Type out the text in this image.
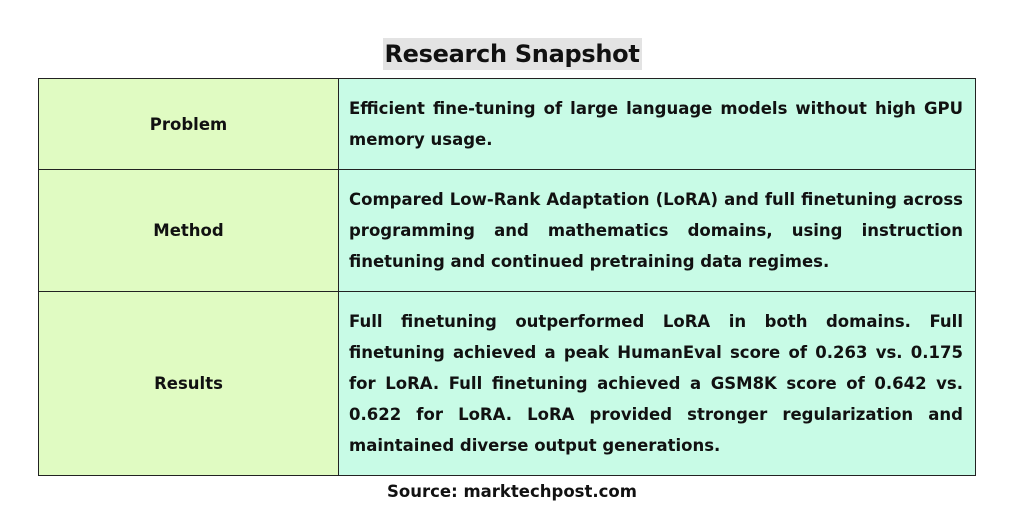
Research Snapshot
Problem	Efficient fine-tuning of large language models without high GPU memory usage.
Method	Compared Low-Rank Adaptation (LoRA) and full finetuning across programming and mathematics domains, using instruction finetuning and continued pretraining data regimes.
Results	Full finetuning outperformed LoRA in both domains. Full finetuning achieved a peak HumanEval score of 0.263 vs. 0.175 for LoRA. Full finetuning achieved a GSM8K score of 0.642 vs. 0.622 for LoRA. LoRA provided stronger regularization and maintained diverse output generations.
Source: marktechpost.com
